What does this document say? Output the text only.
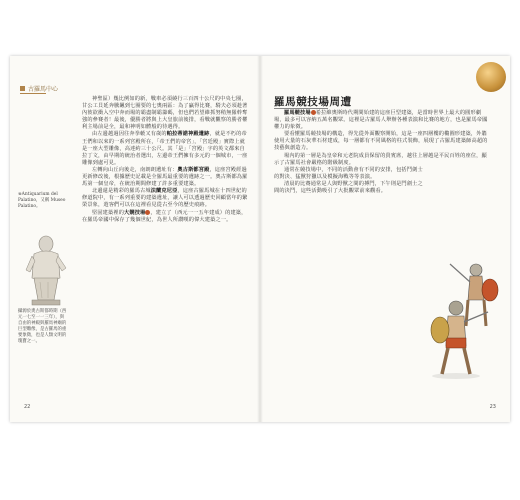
古羅馬中心
※Antiquarium del Palatino，又稱 Museo Palatino。
攝源於奧古斯都時期（西元一七至一一三年），與自由的神殿與羅馬神廟的巨型雕像，是古羅馬的重要象徵，也是人類文明的瑰寶之一。

神聖區）幾比例如的新，戰車必須繞行三百四十公尺的中央七圈，甘公工貝延奔騰飆到七圈要的七奧兩區：為了贏得比賽，騎夫必須趁著內彼欲衝入空中奔而場的霸盡制霸籌碼，但也們若望維抓努稍無羅幹奪強的參賽者！最後，優勝者將與上大皇旅前後排，看戰就觀察的勝者權利主場前是全，最和神明如體般的待遇得。

由左邊越過因往奔拳藪又有歲的帕拉蒂諾神殿遺跡，就是不朽的帝王們和以來的一系列宮殿所在，「帝王們的帝宮」，「宮廷殿」實際上就是一座大型雕像，高達約三十公尺。其「是」「宮殿」字的英文都來自拉丁文，由早期的統治者選出，左邊帝王們擁有多元的一個城市，一座雕像到處可見。

左轉向山丘向後走，南朗朗遺址有：奧古斯都宮殿，這座宮殿經過更新修改後，根據歷史記載是全羅馬最重要的遺跡之一。奧古斯都為羅馬第一個皇帝，在統治期間修建了許多重要建築。

北邊還是精彩的羅馬古城法蘭克尼亞，這座古羅馬城在十四世紀的修道院中，有一系列重要的建築遺址，讓人可以透過歷史回顧當年的繁榮景象，遊客們可以在這裡看見從古至今的歷史痕跡。

堅固建築裡的大競技場 ，建立了（西元一一五年建成）的建築，在羅馬帝國中保存了幾個世紀，為世人所讚嘆的偉大建築之一。

22
羅馬競技場周遭

羅馬競技場 希拉維奧斯時代期間始建的這座巨型建築，是當時世界上最大的圓形劇場，最多可以容納五萬名觀眾。這裡是古羅馬人舉辦各種表演和比賽的地方，也是羅馬帝國權力的象徵。

要看懂羅馬競技場的構造，得先從外面觀察開始，這是一座四層樓的橢圓形建築，外牆使用大量的石灰華石材建成，每一層都有不同風格的柱式裝飾，展現了古羅馬建築師高超的技藝與創造力。

場內的第一層是為皇帝和元老院成員保留的貴賓席，越往上層越是平民百姓的座位，顯示了古羅馬社會嚴格的階級制度。

通常在競技場中，不同的活動會有不同的安排，包括鬥劍士的對決、猛獸狩獵以及模擬海戰等等表演。

清晨的比賽通常是人與野獸之間的搏鬥，下午則是鬥劍士之間的決鬥，這些活動吸引了大批觀眾前來觀看。

23
